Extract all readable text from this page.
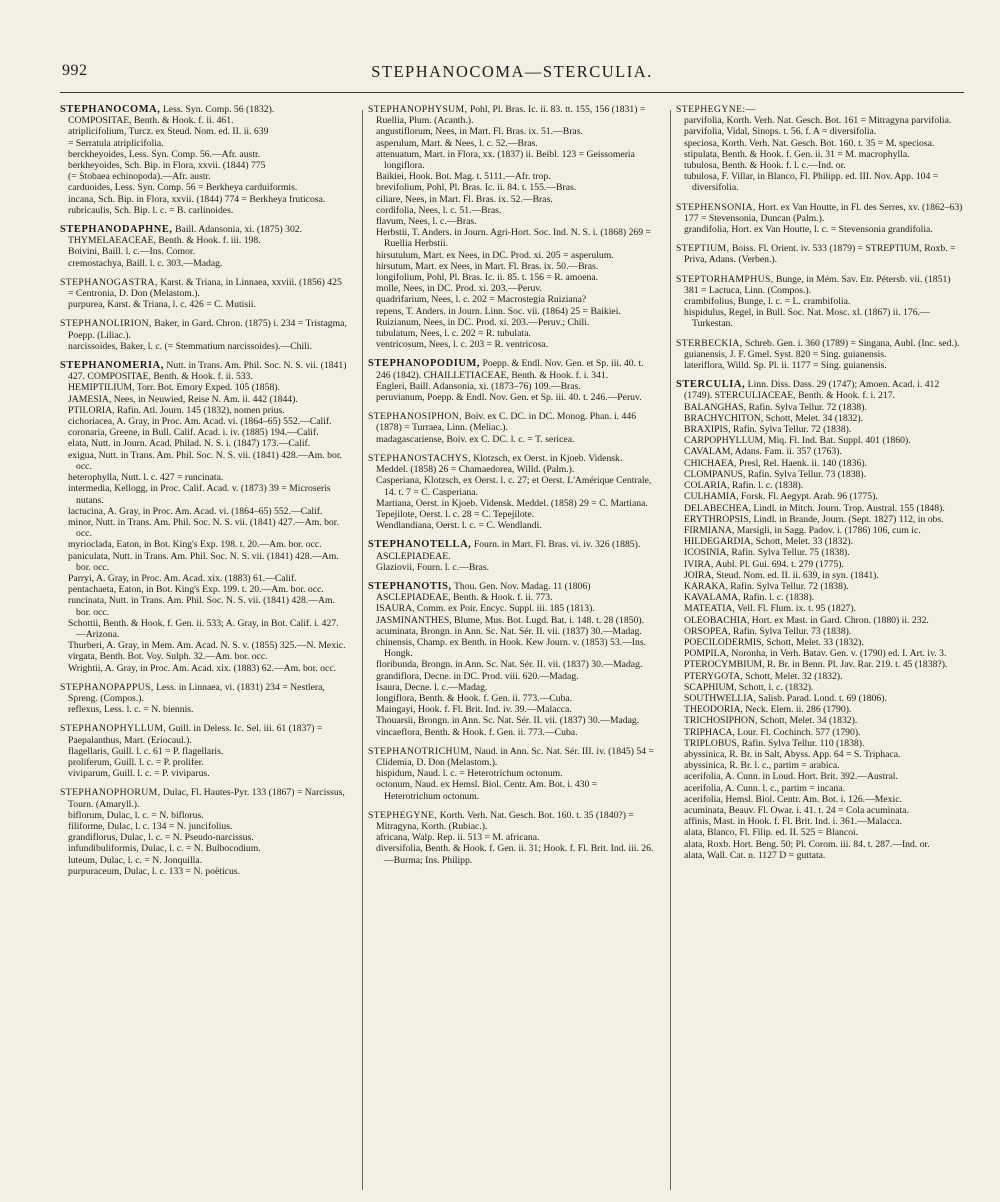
992	STEPHANOCOMA—STERCULIA.

STEPHANOCOMA, Less. Syn. Comp. 56 (1832).

COMPOSITAE, Benth. & Hook. f. ii. 461.

atriplicifolium, Turcz. ex Steud. Nom. ed. II. ii. 639

= Serratula atriplicifolia.

berckheyoides, Less. Syn. Comp. 56.—Afr. austr.

berkheyoides, Sch. Bip. in Flora, xxvii. (1844) 775

(= Stobaea echinopoda).—Afr. austr.

carduoides, Less. Syn. Comp. 56 = Berkheya carduiformis.

incana, Sch. Bip. in Flora, xxvii. (1844) 774 = Berkheya fruticosa.

rubricaulis, Sch. Bip. l. c. = B. carlinoides.

STEPHANODAPHNE, Baill. Adansonia, xi. (1875) 302. THYMELAEACEAE, Benth. & Hook. f. iii. 198.

Boivini, Baill. l. c.—Ins. Comor.

cremostachya, Baill. l. c. 303.—Madag.

STEPHANOGASTRA, Karst. & Triana, in Linnaea, xxviii. (1856) 425 = Centronia, D. Don (Melastom.).

purpurea, Karst. & Triana, l. c. 426 = C. Mutisii.

STEPHANOLIRION, Baker, in Gard. Chron. (1875) i. 234 = Tristagma, Poepp. (Liliac.).

narcissoides, Baker, l. c. (= Stemmatium narcissoides).—Chili.

STEPHANOMERIA, Nutt. in Trans. Am. Phil. Soc. N. S. vii. (1841) 427. COMPOSITAE, Benth. & Hook. f. ii. 533.

HEMIPTILIUM, Torr. Bot. Emory Exped. 105 (1858).

JAMESIA, Nees, in Neuwied, Reise N. Am. ii. 442 (1844).

PTILORIA, Rafin. Atl. Journ. 145 (1832), nomen prius.

cichoriacea, A. Gray, in Proc. Am. Acad. vi. (1864–65) 552.—Calif.

coronaria, Greene, in Bull. Calif. Acad. i. iv. (1885) 194.—Calif.

elata, Nutt. in Journ. Acad. Philad. N. S. i. (1847) 173.—Calif.

exigua, Nutt. in Trans. Am. Phil. Soc. N. S. vii. (1841) 428.—Am. bor. occ.

heterophylla, Nutt. l. c. 427 = runcinata.

intermedia, Kellogg, in Proc. Calif. Acad. v. (1873) 39 = Microseris nutans.

lactucina, A. Gray, in Proc. Am. Acad. vi. (1864–65) 552.—Calif.

minor, Nutt. in Trans. Am. Phil. Soc. N. S. vii. (1841) 427.—Am. bor. occ.

myrioclada, Eaton, in Bot. King's Exp. 198. t. 20.—Am. bor. occ.

paniculata, Nutt. in Trans. Am. Phil. Soc. N. S. vii. (1841) 428.—Am. bor. occ.

Parryi, A. Gray, in Proc. Am. Acad. xix. (1883) 61.—Calif.

pentachaeta, Eaton, in Bot. King's Exp. 199. t. 20.—Am. bor. occ.

runcinata, Nutt. in Trans. Am. Phil. Soc. N. S. vii. (1841) 428.—Am. bor. occ.

Schottii, Benth. & Hook. f. Gen. ii. 533; A. Gray, in Bot. Calif. i. 427.—Arizona.

Thurberi, A. Gray, in Mem. Am. Acad. N. S. v. (1855) 325.—N. Mexic.

virgata, Benth. Bot. Voy. Sulph. 32.—Am. bor. occ.

Wrightii, A. Gray, in Proc. Am. Acad. xix. (1883) 62.—Am. bor. occ.

STEPHANOPAPPUS, Less. in Linnaea, vi. (1831) 234 = Nestlera, Spreng. (Compos.).

reflexus, Less. l. c. = N. biennis.

STEPHANOPHYLLUM, Guill. in Deless. Ic. Sel. iii. 61 (1837) = Paepalanthus, Mart. (Eriocaul.).

flagellaris, Guill. l. c. 61 = P. flagellaris.

proliferum, Guill. l. c. = P. prolifer.

viviparum, Guill. l. c. = P. viviparus.

STEPHANOPHORUM, Dulac, Fl. Hautes-Pyr. 133 (1867) = Narcissus, Tourn. (Amaryll.).

biflorum, Dulac, l. c. = N. biflorus.

filiforme, Dulac, l. c. 134 = N. juncifolius.

grandiflorus, Dulac, l. c. = N. Pseudo-narcissus.

infundibuliformis, Dulac, l. c. = N. Bulbocodium.

luteum, Dulac, l. c. = N. Jonquilla.

purpuraceum, Dulac, l. c. 133 = N. poëticus.

STEPHANOPHYSUM, Pohl, Pl. Bras. Ic. ii. 83. tt. 155, 156 (1831) = Ruellia, Plum. (Acanth.).

angustiflorum, Nees, in Mart. Fl. Bras. ix. 51.—Bras.

asperulum, Mart. & Nees, l. c. 52.—Bras.

attenuatum, Mart. in Flora, xx. (1837) ii. Beibl. 123 = Geissomeria longiflora.

Baikiei, Hook. Bot. Mag. t. 5111.—Afr. trop.

brevifolium, Pohl, Pl. Bras. Ic. ii. 84. t. 155.—Bras.

ciliare, Nees, in Mart. Fl. Bras. ix. 52.—Bras.

cordifolia, Nees, l. c. 51.—Bras.

flavum, Nees, l. c.—Bras.

Herbstii, T. Anders. in Journ. Agri-Hort. Soc. Ind. N. S. i. (1868) 269 = Ruellia Herbstii.

hirsutulum, Mart. ex Nees, in DC. Prod. xi. 205 = asperulum.

hirsutum, Mart. ex Nees, in Mart. Fl. Bras. ix. 50.—Bras.

longifolium, Pohl, Pl. Bras. Ic. ii. 85. t. 156 = R. amoena.

molle, Nees, in DC. Prod. xi. 203.—Peruv.

quadrifarium, Nees, l. c. 202 = Macrostegia Ruiziana?

repens, T. Anders. in Journ. Linn. Soc. vii. (1864) 25 = Baikiei.

Ruizianum, Nees, in DC. Prod. xi. 203.—Peruv.; Chili.

tubulatum, Nees, l. c. 202 = R. tubulata.

ventricosum, Nees, l. c. 203 = R. ventricosa.

STEPHANOPODIUM, Poepp. & Endl. Nov. Gen. et Sp. iii. 40. t. 246 (1842). CHAILLETIACEAE, Benth. & Hook. f. i. 341.

Engleri, Baill. Adansonia, xi. (1873–76) 109.—Bras.

peruvianum, Poepp. & Endl. Nov. Gen. et Sp. iii. 40. t. 246.—Peruv.

STEPHANOSIPHON, Boiv. ex C. DC. in DC. Monog. Phan. i. 446 (1878) = Turraea, Linn. (Meliac.).

madagascariense, Boiv. ex C. DC. l. c. = T. sericea.

STEPHANOSTACHYS, Klotzsch, ex Oerst. in Kjoeb. Vidensk. Meddel. (1858) 26 = Chamaedorea, Willd. (Palm.).

Casperiana, Klotzsch, ex Oerst. l. c. 27; et Oerst. L'Amérique Centrale, 14. t. 7 = C. Casperiana.

Martiana, Oerst. in Kjoeb. Vidensk. Meddel. (1858) 29 = C. Martiana.

Tepejilote, Oerst. l. c. 28 = C. Tepejilote.

Wendlandiana, Oerst. l. c. = C. Wendlandi.

STEPHANOTELLA, Fourn. in Mart. Fl. Bras. vi. iv. 326 (1885). ASCLEPIADEAE.

Glaziovii, Fourn. l. c.—Bras.

STEPHANOTIS, Thou. Gen. Nov. Madag. 11 (1806) ASCLEPIADEAE, Benth. & Hook. f. ii. 773.

ISAURA, Comm. ex Poir. Encyc. Suppl. iii. 185 (1813).

JASMINANTHES, Blume, Mus. Bot. Lugd. Bat. i. 148. t. 28 (1850).

acuminata, Brongn. in Ann. Sc. Nat. Sér. II. vii. (1837) 30.—Madag.

chinensis, Champ. ex Benth. in Hook. Kew Journ. v. (1853) 53.—Ins. Hongk.

floribunda, Brongn. in Ann. Sc. Nat. Sér. II. vii. (1837) 30.—Madag.

grandiflora, Decne. in DC. Prod. viii. 620.—Madag.

Isaura, Decne. l. c.—Madag.

longiflora, Benth. & Hook. f. Gen. ii. 773.—Cuba.

Maingayi, Hook. f. Fl. Brit. Ind. iv. 39.—Malacca.

Thouarsii, Brongn. in Ann. Sc. Nat. Sér. II. vii. (1837) 30.—Madag.

vincaeflora, Benth. & Hook. f. Gen. ii. 773.—Cuba.

STEPHANOTRICHUM, Naud. in Ann. Sc. Nat. Sér. III. iv. (1845) 54 = Clidemia, D. Don (Melastom.).

hispidum, Naud. l. c. = Heterotrichum octonum.

octonum, Naud. ex Hemsl. Biol. Centr. Am. Bot. i. 430 = Heterotrichum octonum.

STEPHEGYNE, Korth. Verh. Nat. Gesch. Bot. 160. t. 35 (1840?) = Mitragyna, Korth. (Rubiac.).

africana, Walp. Rep. ii. 513 = M. africana.

diversifolia, Benth. & Hook. f. Gen. ii. 31; Hook. f. Fl. Brit. Ind. iii. 26.—Burma; Ins. Philipp.

STEPHEGYNE:—

parvifolia, Korth. Verh. Nat. Gesch. Bot. 161 = Mitragyna parvifolia.

parvifolia, Vidal, Sinops. t. 56. f. A = diversifolia.

speciosa, Korth. Verh. Nat. Gesch. Bot. 160. t. 35 = M. speciosa.

stipulata, Benth. & Hook. f. Gen. ii. 31 = M. macrophylla.

tubulosa, Benth. & Hook. f. l. c.—Ind. or.

tubulosa, F. Villar, in Blanco, Fl. Philipp. ed. III. Nov. App. 104 = diversifolia.

STEPHENSONIA, Hort. ex Van Houtte, in Fl. des Serres, xv. (1862–63) 177 = Stevensonia, Duncan (Palm.).

grandifolia, Hort. ex Van Houtte, l. c. = Stevensonia grandifolia.

STEPTIUM, Boiss. Fl. Orient. iv. 533 (1879) = STREPTIUM, Roxb. = Priva, Adans. (Verben.).

STEPTORHAMPHUS, Bunge, in Mém. Sav. Etr. Pétersb. vii. (1851) 381 = Lactuca, Linn. (Compos.).

crambifolius, Bunge, l. c. = L. crambifolia.

hispidulus, Regel, in Bull. Soc. Nat. Mosc. xl. (1867) ii. 176.—Turkestan.

STERBECKIA, Schreb. Gen. i. 360 (1789) = Singana, Aubl. (Inc. sed.).

guianensis, J. F. Gmel. Syst. 820 = Sing. guianensis.

lateriflora, Willd. Sp. Pl. ii. 1177 = Sing. guianensis.

STERCULIA, Linn. Diss. Dass. 29 (1747); Amoen. Acad. i. 412 (1749). STERCULIACEAE, Benth. & Hook. f. i. 217.

BALANGHAS, Rafin. Sylva Tellur. 72 (1838).

BRACHYCHITON, Schott, Melet. 34 (1832).

BRAXIPIS, Rafin. Sylva Tellur. 72 (1838).

CARPOPHYLLUM, Miq. Fl. Ind. Bat. Suppl. 401 (1860).

CAVALAM, Adans. Fam. ii. 357 (1763).

CHICHAEA, Presl, Rel. Haenk. ii. 140 (1836).

CLOMPANUS, Rafin. Sylva Tellur. 73 (1838).

COLARIA, Rafin. l. c. (1838).

CULHAMIA, Forsk. Fl. Aegypt. Arab. 96 (1775).

DELABECHEA, Lindl. in Mitch. Journ. Trop. Austral. 155 (1848).

ERYTHROPSIS, Lindl. in Brande, Journ. (Sept. 1827) 112, in obs.

FIRMIANA, Marsigli, in Sagg. Padov. i. (1786) 106, cum ic.

HILDEGARDIA, Schott, Melet. 33 (1832).

ICOSINIA, Rafin. Sylva Tellur. 75 (1838).

IVIRA, Aubl. Pl. Gui. 694. t. 279 (1775).

JOIRA, Steud. Nom. ed. II. ii. 639, in syn. (1841).

KARAKA, Rafin. Sylva Tellur. 72 (1838).

KAVALAMA, Rafin. l. c. (1838).

MATEATIA, Vell. Fl. Flum. ix. t. 95 (1827).

OLEOBACHIA, Hort. ex Mast. in Gard. Chron. (1880) ii. 232.

ORSOPEA, Rafin. Sylva Tellur. 73 (1838).

POECILODERMIS, Schott, Melet. 33 (1832).

POMPILA, Noronha, in Verh. Batav. Gen. v. (1790) ed. I. Art. iv. 3.

PTEROCYMBIUM, R. Br. in Benn. Pl. Jav. Rar. 219. t. 45 (1838?).

PTERYGOTA, Schott, Melet. 32 (1832).

SCAPHIUM, Schott, l. c. (1832).

SOUTHWELLIA, Salisb. Parad. Lond. t. 69 (1806).

THEODORIA, Neck. Elem. ii. 286 (1790).

TRICHOSIPHON, Schott, Melet. 34 (1832).

TRIPHACA, Lour. Fl. Cochinch. 577 (1790).

TRIPLOBUS, Rafin. Sylva Tellur. 110 (1838).

abyssinica, R. Br. in Salt, Abyss. App. 64 = S. Triphaca.

abyssinica, R. Br. l. c., partim = arabica.

acerifolia, A. Cunn. in Loud. Hort. Brit. 392.—Austral.

acerifolia, A. Cunn. l. c., partim = incana.

acerifolia, Hemsl. Biol. Centr. Am. Bot. i. 126.—Mexic.

acuminata, Beauv. Fl. Owar. i. 41. t. 24 = Cola acuminata.

affinis, Mast. in Hook. f. Fl. Brit. Ind. i. 361.—Malacca.

alata, Blanco, Fl. Filip. ed. II. 525 = Blancoi.

alata, Roxb. Hort. Beng. 50; Pl. Corom. iii. 84. t. 287.—Ind. or.

alata, Wall. Cat. n. 1127 D = guttata.
